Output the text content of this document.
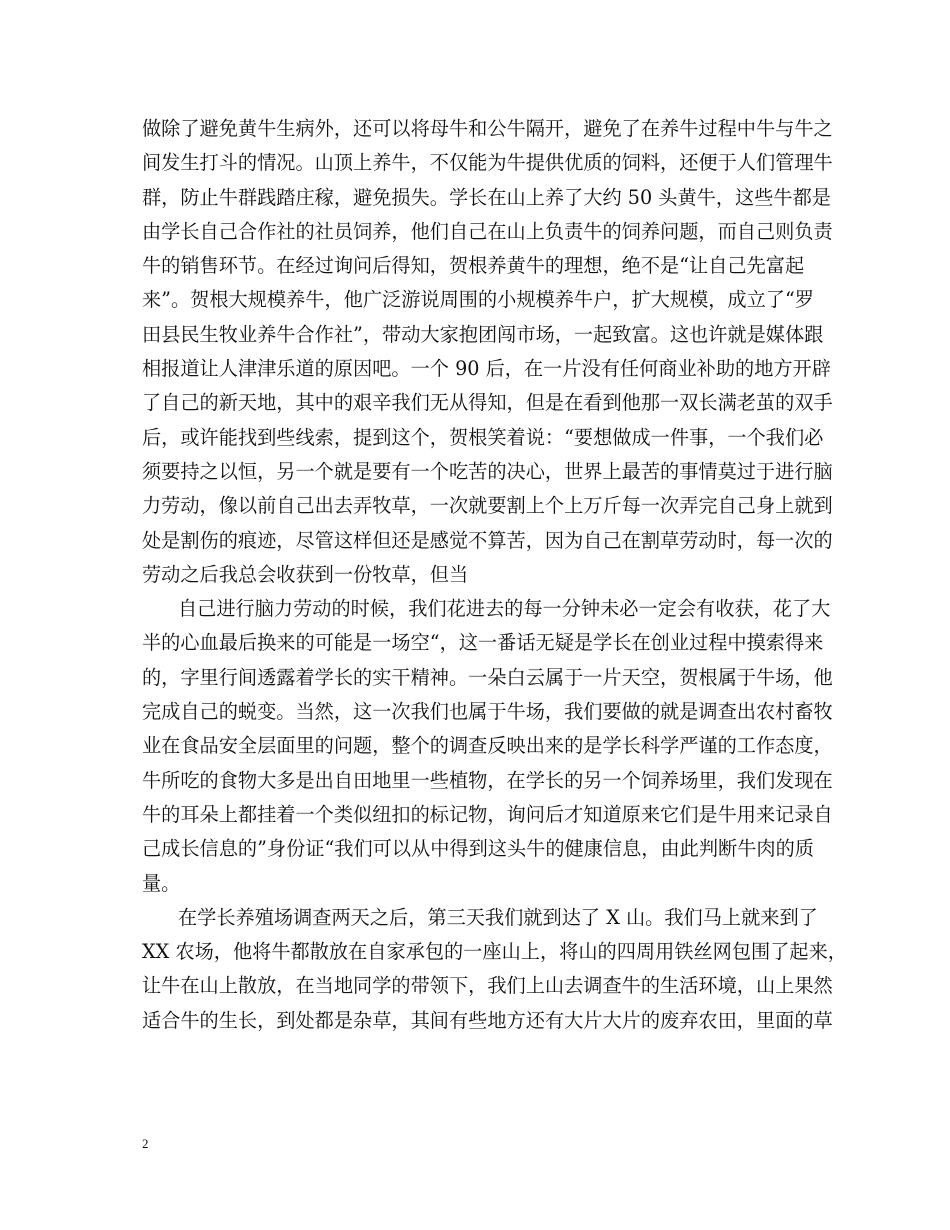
做除了避免黄牛生病外，还可以将母牛和公牛隔开，避免了在养牛过程中牛与牛之
间发生打斗的情况。山顶上养牛，不仅能为牛提供优质的饲料，还便于人们管理牛
群，防止牛群践踏庄稼，避免损失。学长在山上养了大约 50 头黄牛，这些牛都是
由学长自己合作社的社员饲养，他们自己在山上负责牛的饲养问题，而自己则负责
牛的销售环节。在经过询问后得知，贺根养黄牛的理想，绝不是“让自己先富起
来”。贺根大规模养牛，他广泛游说周围的小规模养牛户，扩大规模，成立了“罗
田县民生牧业养牛合作社”，带动大家抱团闯市场，一起致富。这也许就是媒体跟
相报道让人津津乐道的原因吧。一个 90 后，在一片没有任何商业补助的地方开辟
了自己的新天地，其中的艰辛我们无从得知，但是在看到他那一双长满老茧的双手
后，或许能找到些线索，提到这个，贺根笑着说：“要想做成一件事，一个我们必
须要持之以恒，另一个就是要有一个吃苦的决心，世界上最苦的事情莫过于进行脑
力劳动，像以前自己出去弄牧草，一次就要割上个上万斤每一次弄完自己身上就到
处是割伤的痕迹，尽管这样但还是感觉不算苦，因为自己在割草劳动时，每一次的
劳动之后我总会收获到一份牧草，但当
自己进行脑力劳动的时候，我们花进去的每一分钟未必一定会有收获，花了大
半的心血最后换来的可能是一场空“，这一番话无疑是学长在创业过程中摸索得来
的，字里行间透露着学长的实干精神。一朵白云属于一片天空，贺根属于牛场，他
完成自己的蜕变。当然，这一次我们也属于牛场，我们要做的就是调查出农村畜牧
业在食品安全层面里的问题，整个的调查反映出来的是学长科学严谨的工作态度，
牛所吃的食物大多是出自田地里一些植物，在学长的另一个饲养场里，我们发现在
牛的耳朵上都挂着一个类似纽扣的标记物，询问后才知道原来它们是牛用来记录自
己成长信息的”身份证“我们可以从中得到这头牛的健康信息，由此判断牛肉的质
量。
在学长养殖场调查两天之后，第三天我们就到达了 X 山。我们马上就来到了
XX 农场，他将牛都散放在自家承包的一座山上，将山的四周用铁丝网包围了起来，
让牛在山上散放，在当地同学的带领下，我们上山去调查牛的生活环境，山上果然
适合牛的生长，到处都是杂草，其间有些地方还有大片大片的废弃农田，里面的草
2
